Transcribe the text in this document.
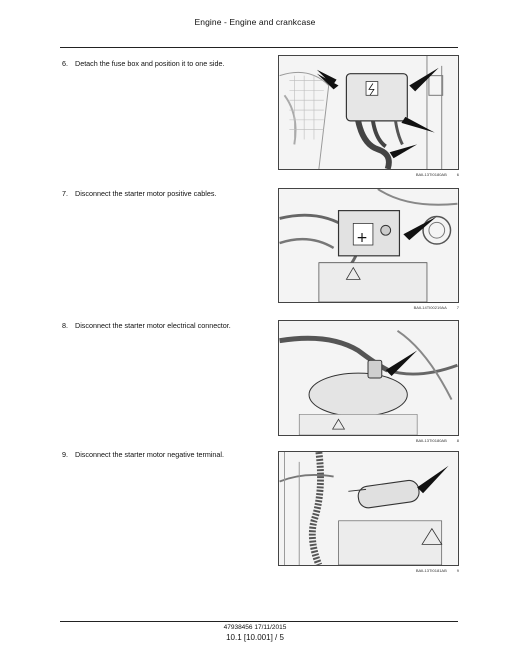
Engine - Engine and crankcase
6. Detach the fuse box and position it to one side.
BAIL13TI0180AB	6
7. Disconnect the starter motor positive cables.
+
BAIL14TI00219AA	7
8. Disconnect the starter motor electrical connector.
BAIL13TI0180AB	8
9. Disconnect the starter motor negative terminal.
BAIL13TI0181AB	9
47938456 17/11/2015
10.1 [10.001] / 5
